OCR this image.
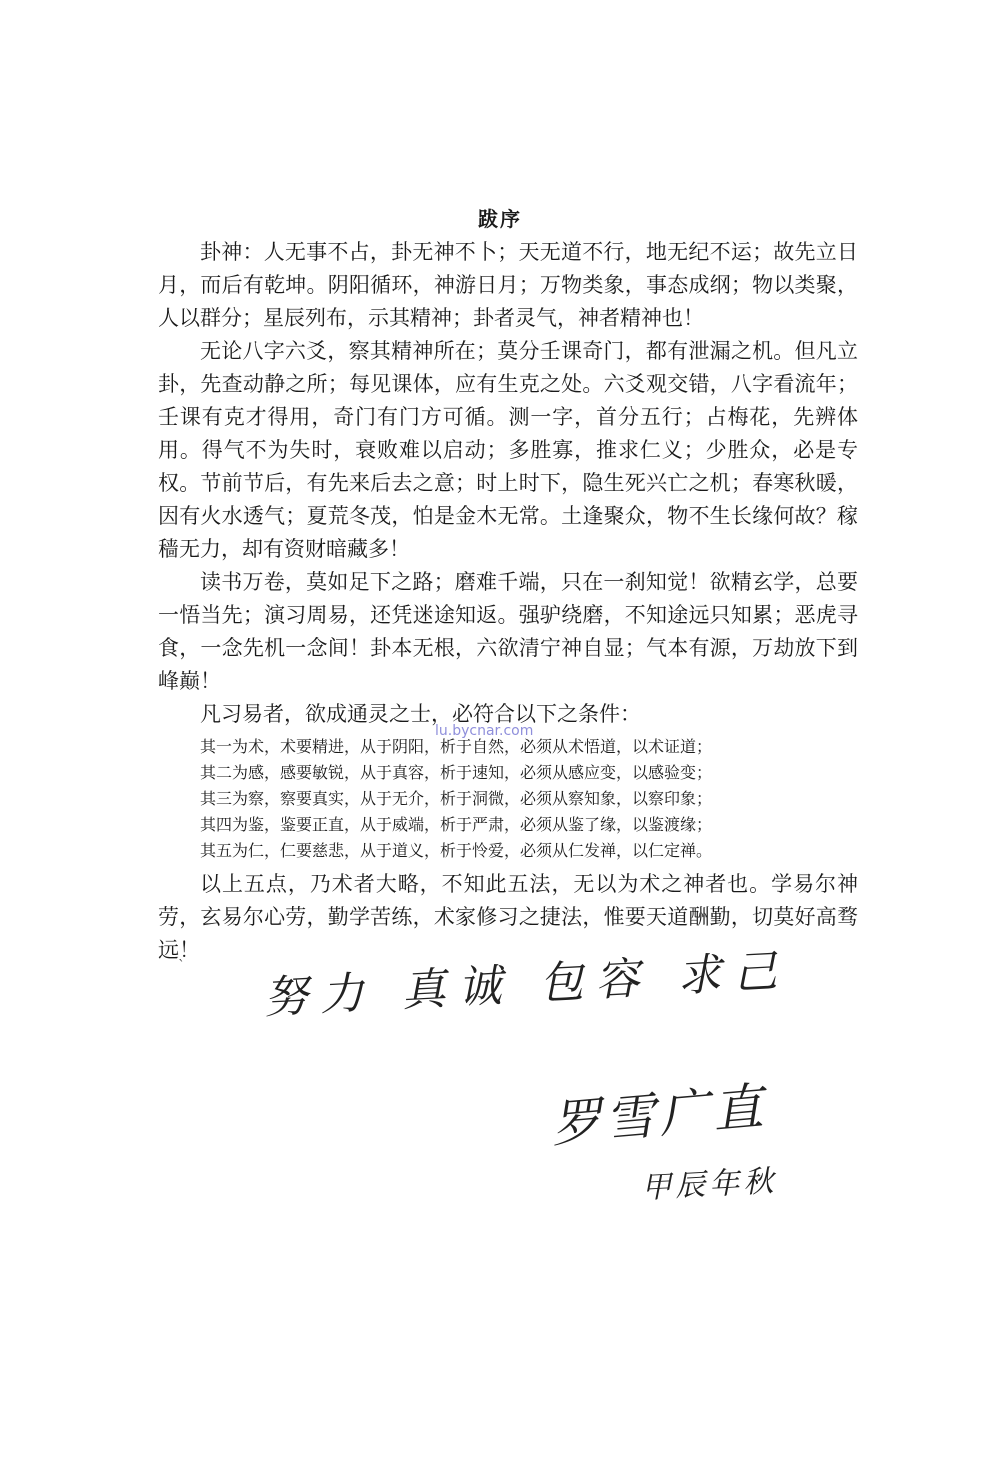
跋序

卦神：人无事不占，卦无神不卜；天无道不行，地无纪不运；故先立日月，而后有乾坤。阴阳循环，神游日月；万物类象，事态成纲；物以类聚，人以群分；星辰列布，示其精神；卦者灵气，神者精神也！

无论八字六爻，察其精神所在；莫分壬课奇门，都有泄漏之机。但凡立卦，先查动静之所；每见课体，应有生克之处。六爻观交错，八字看流年；壬课有克才得用，奇门有门方可循。测一字，首分五行；占梅花，先辨体用。得气不为失时，衰败难以启动；多胜寡，推求仁义；少胜众，必是专权。节前节后，有先来后去之意；时上时下，隐生死兴亡之机；春寒秋暖，因有火水透气；夏荒冬茂，怕是金木无常。土逢聚众，物不生长缘何故？稼穑无力，却有资财暗藏多！

读书万卷，莫如足下之路；磨难千端，只在一刹知觉！欲精玄学，总要一悟当先；演习周易，还凭迷途知返。强驴绕磨，不知途远只知累；恶虎寻食，一念先机一念间！卦本无根，六欲清宁神自显；气本有源，万劫放下到峰巅！

凡习易者，欲成通灵之士，必符合以下之条件：

其一为术，术要精进，从于阴阳，析于自然，必须从术悟道，以术证道；
其二为感，感要敏锐，从于真容，析于速知，必须从感应变，以感验变；
其三为察，察要真实，从于无介，析于洞微，必须从察知象，以察印象；
其四为鉴，鉴要正直，从于威端，析于严肃，必须从鉴了缘，以鉴渡缘；
其五为仁，仁要慈悲，从于道义，析于怜爱，必须从仁发禅，以仁定禅。

以上五点，乃术者大略，不知此五法，无以为术之神者也。学易尔神劳，玄易尔心劳，勤学苦练，术家修习之捷法，惟要天道酬勤，切莫好高骛远！

lu.bycnar.com
ˋ 努力 真诚 包容 求己
罗雪广直
甲辰年秋
